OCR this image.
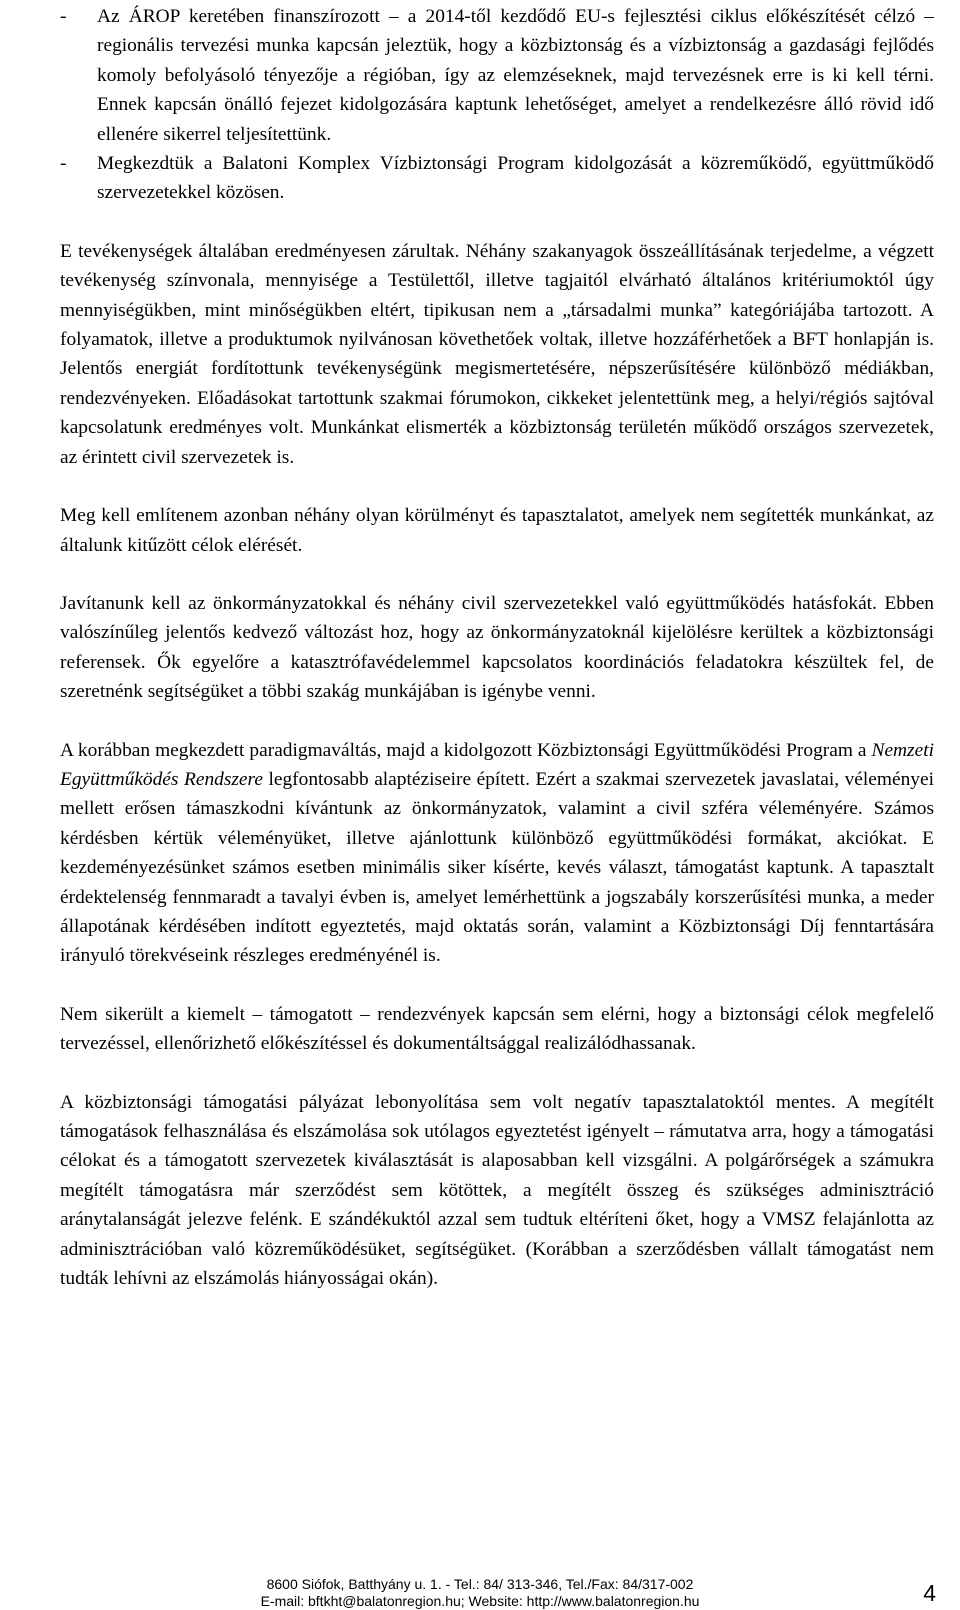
- Az ÁROP keretében finanszírozott – a 2014-től kezdődő EU-s fejlesztési ciklus előkészítését célzó – regionális tervezési munka kapcsán jeleztük, hogy a közbiztonság és a vízbiztonság a gazdasági fejlődés komoly befolyásoló tényezője a régióban, így az elemzéseknek, majd tervezésnek erre is ki kell térni. Ennek kapcsán önálló fejezet kidolgozására kaptunk lehetőséget, amelyet a rendelkezésre álló rövid idő ellenére sikerrel teljesítettünk.

- Megkezdtük a Balatoni Komplex Vízbiztonsági Program kidolgozását a közreműködő, együttműködő szervezetekkel közösen.

E tevékenységek általában eredményesen zárultak. Néhány szakanyagok összeállításának terjedelme, a végzett tevékenység színvonala, mennyisége a Testülettől, illetve tagjaitól elvárható általános kritériumoktól úgy mennyiségükben, mint minőségükben eltért, tipikusan nem a „társadalmi munka” kategóriájába tartozott. A folyamatok, illetve a produktumok nyilvánosan követhetőek voltak, illetve hozzáférhetőek a BFT honlapján is. Jelentős energiát fordítottunk tevékenységünk megismertetésére, népszerűsítésére különböző médiákban, rendezvényeken. Előadásokat tartottunk szakmai fórumokon, cikkeket jelentettünk meg, a helyi/régiós sajtóval kapcsolatunk eredményes volt. Munkánkat elismerték a közbiztonság területén működő országos szervezetek, az érintett civil szervezetek is.

Meg kell említenem azonban néhány olyan körülményt és tapasztalatot, amelyek nem segítették munkánkat, az általunk kitűzött célok elérését.

Javítanunk kell az önkormányzatokkal és néhány civil szervezetekkel való együttműködés hatásfokát. Ebben valószínűleg jelentős kedvező változást hoz, hogy az önkormányzatoknál kijelölésre kerültek a közbiztonsági referensek. Ők egyelőre a katasztrófavédelemmel kapcsolatos koordinációs feladatokra készültek fel, de szeretnénk segítségüket a többi szakág munkájában is igénybe venni.

A korábban megkezdett paradigmaváltás, majd a kidolgozott Közbiztonsági Együttműködési Program a Nemzeti Együttműködés Rendszere legfontosabb alaptéziseire épített. Ezért a szakmai szervezetek javaslatai, véleményei mellett erősen támaszkodni kívántunk az önkormányzatok, valamint a civil szféra véleményére. Számos kérdésben kértük véleményüket, illetve ajánlottunk különböző együttműködési formákat, akciókat. E kezdeményezésünket számos esetben minimális siker kísérte, kevés választ, támogatást kaptunk. A tapasztalt érdektelenség fennmaradt a tavalyi évben is, amelyet lemérhettünk a jogszabály korszerűsítési munka, a meder állapotának kérdésében indított egyeztetés, majd oktatás során, valamint a Közbiztonsági Díj fenntartására irányuló törekvéseink részleges eredményénél is.

Nem sikerült a kiemelt – támogatott – rendezvények kapcsán sem elérni, hogy a biztonsági célok megfelelő tervezéssel, ellenőrizhető előkészítéssel és dokumentáltsággal realizálódhassanak.

A közbiztonsági támogatási pályázat lebonyolítása sem volt negatív tapasztalatoktól mentes. A megítélt támogatások felhasználása és elszámolása sok utólagos egyeztetést igényelt – rámutatva arra, hogy a támogatási célokat és a támogatott szervezetek kiválasztását is alaposabban kell vizsgálni. A polgárőrségek a számukra megítélt támogatásra már szerződést sem kötöttek, a megítélt összeg és szükséges adminisztráció aránytalanságát jelezve felénk. E szándékuktól azzal sem tudtuk eltéríteni őket, hogy a VMSZ felajánlotta az adminisztrációban való közreműködésüket, segítségüket. (Korábban a szerződésben vállalt támogatást nem tudták lehívni az elszámolás hiányosságai okán).

8600 Siófok, Batthyány u. 1. - Tel.: 84/ 313-346, Tel./Fax: 84/317-002
E-mail: bftkht@balatonregion.hu; Website: http://www.balatonregion.hu	4
